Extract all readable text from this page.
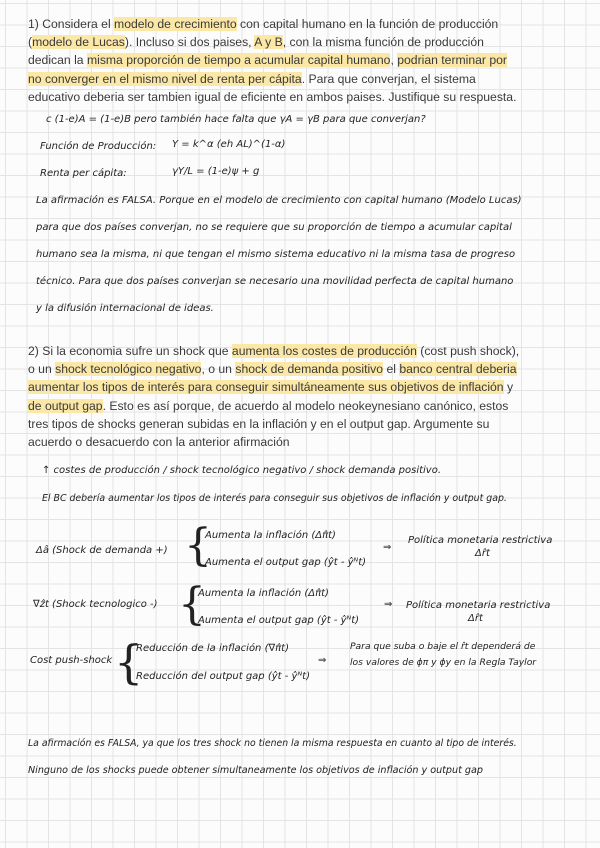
1) Considera el modelo de crecimiento con capital humano en la función de producción
(modelo de Lucas). Incluso si dos paises, A y B, con la misma función de producción
dedican la misma proporción de tiempo a acumular capital humano, podrian terminar por
no converger en el mismo nivel de renta per cápita. Para que converjan, el sistema
educativo deberia ser tambien igual de eficiente en ambos paises. Justifique su respuesta.
c (1-e)A = (1-e)B pero también hace falta que γA = γB para que converjan?
Función de Producción: Y = k^α (eh AL)^(1-α)
Renta per cápita:	γY/L = (1-e)ψ + g
La afirmación es FALSA. Porque en el modelo de crecimiento con capital humano (Modelo Lucas)
para que dos países converjan, no se requiere que su proporción de tiempo a acumular capital
humano sea la misma, ni que tengan el mismo sistema educativo ni la misma tasa de progreso
técnico. Para que dos países converjan se necesario una movilidad perfecta de capital humano
y la difusión internacional de ideas.
2) Si la economia sufre un shock que aumenta los costes de producción (cost push shock),
o un shock tecnológico negativo, o un shock de demanda positivo el banco central deberia
aumentar los tipos de interés para conseguir simultáneamente sus objetivos de inflación y
de output gap. Esto es así porque, de acuerdo al modelo neokeynesiano canónico, estos
tres tipos de shocks generan subidas en la inflación y en el output gap. Argumente su
acuerdo o desacuerdo con la anterior afirmación
↑ costes de producción / shock tecnológico negativo / shock demanda positivo.
El BC debería aumentar los tipos de interés para conseguir sus objetivos de inflación y output gap.
Δâ (Shock de demanda +) {
Aumenta la inflación (Δπ̂t)
Aumenta el output gap (ŷt - ŷᴺt)
⇒
Política monetaria restrictiva
Δr̂t
∇ẑt (Shock tecnologico -) {
Aumenta la inflación (Δπ̂t)
Aumenta el output gap (ŷt - ŷᴺt)
⇒ Política monetaria restrictiva
Δr̂t
Cost push-shock {
Reducción de la inflación (∇π̂t)
Reducción del output gap (ŷt - ŷᴺt)
⇒
Para que suba o baje el r̂t dependerá de
los valores de ϕπ y ϕy en la Regla Taylor
La afirmación es FALSA, ya que los tres shock no tienen la misma respuesta en cuanto al tipo de interés.
Ninguno de los shocks puede obtener simultaneamente los objetivos de inflación y output gap
